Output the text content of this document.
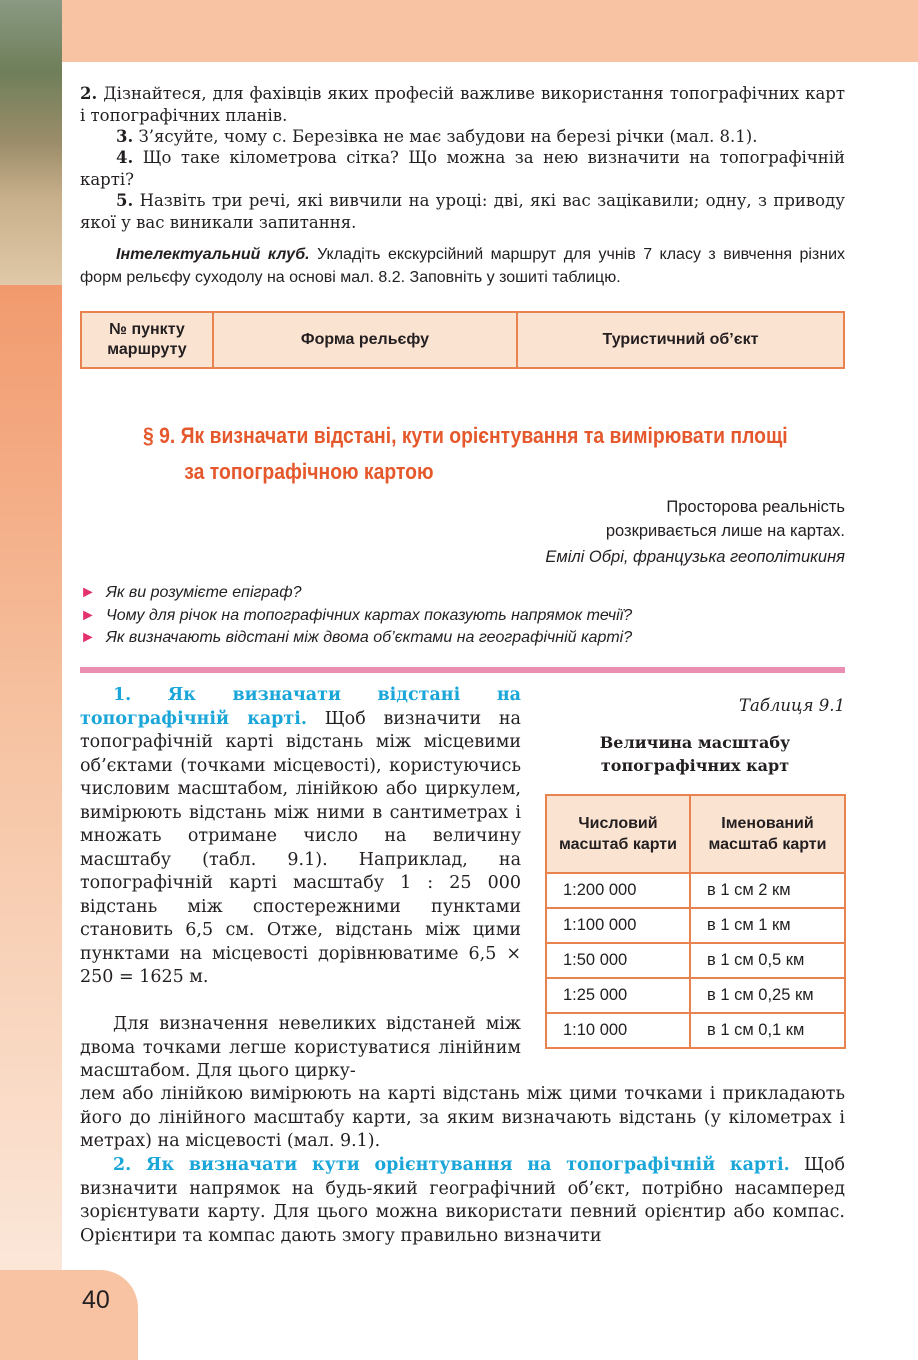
40

2. Дізнайтеся, для фахівців яких професій важливе використання топографічних карт і топографічних планів.

3. З’ясуйте, чому с. Березівка не має забудови на березі річки (мал. 8.1).

4. Що таке кілометрова сітка? Що можна за нею визначити на топографічній карті?

5. Назвіть три речі, які вивчили на уроці: дві, які вас зацікавили; одну, з приводу якої у вас виникали запитання.

Інтелектуальний клуб. Укладіть екскурсійний маршрут для учнів 7 класу з вивчення різних форм рельєфу суходолу на основі мал. 8.2. Заповніть у зошиті таблицю.

№ пункту маршруту	Форма рельєфу	Туристичний об’єкт
§ 9. Як визначати відстані, кути орієнтування та вимірювати площі
за топографічною картою

Просторова реальність

розкривається лише на картах.

Емілі Обрі, французька геополітикиня

► Як ви розумієте епіграф?
► Чому для річок на топографічних картах показують напрямок течії?
► Як визначають відстані між двома об’єктами на географічній карті?

1. Як визначати відстані на топографічній карті. Щоб визначити на топографічній карті відстань між місцевими об’єктами (точками місцевості), користуючись числовим масштабом, лінійкою або циркулем, вимірюють відстань між ними в сантиметрах і множать отримане число на величину масштабу (табл. 9.1). Наприклад, на топографічній карті масштабу 1 : 25 000 відстань між спостережними пунктами становить 6,5 см. Отже, відстань між цими пунктами на місцевості дорівнюватиме 6,5 × 250 = 1625 м.

Для визначення невеликих відстаней між двома точками легше користуватися лінійним масштабом. Для цього цирку-

лем або лінійкою вимірюють на карті відстань між цими точками і прикладають його до лінійного масштабу карти, за яким визначають відстань (у кілометрах і метрах) на місцевості (мал. 9.1).

2. Як визначати кути орієнтування на топографічній карті. Щоб визначити напрямок на будь-який географічний об’єкт, потрібно насамперед зорієнтувати карту. Для цього можна використати певний орієнтир або компас. Орієнтири та компас дають змогу правильно визначити

Таблиця 9.1

Величина масштабу
топографічних карт
Числовий масштаб карти	Іменований масштаб карти
1:200 000	в 1 см 2 км
1:100 000	в 1 см 1 км
1:50 000	в 1 см 0,5 км
1:25 000	в 1 см 0,25 км
1:10 000	в 1 см 0,1 км
